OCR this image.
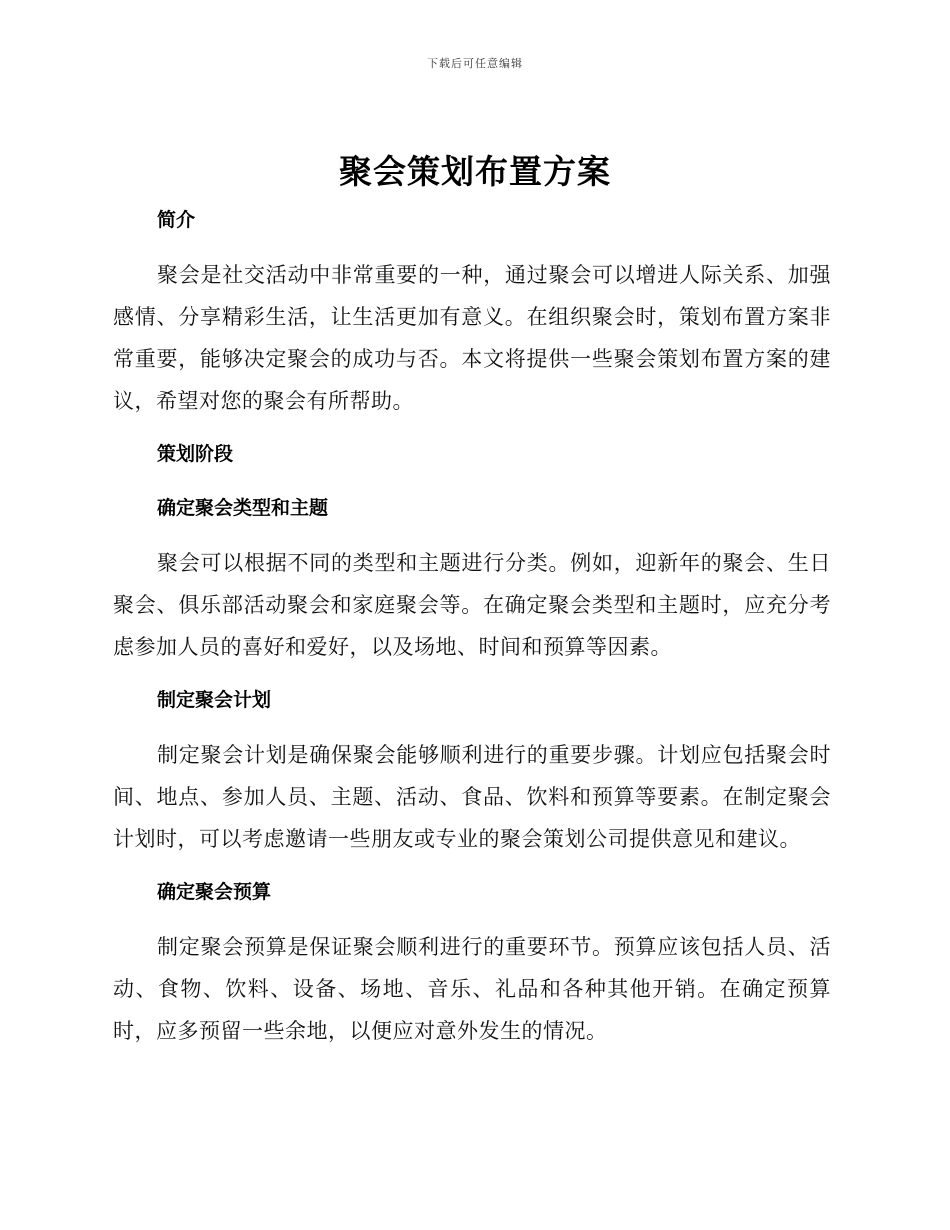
下载后可任意编辑
聚会策划布置方案
简介

聚会是社交活动中非常重要的一种，通过聚会可以增进人际关系、加强感情、分享精彩生活，让生活更加有意义。在组织聚会时，策划布置方案非常重要，能够决定聚会的成功与否。本文将提供一些聚会策划布置方案的建议，希望对您的聚会有所帮助。

策划阶段
确定聚会类型和主题

聚会可以根据不同的类型和主题进行分类。例如，迎新年的聚会、生日聚会、俱乐部活动聚会和家庭聚会等。在确定聚会类型和主题时，应充分考虑参加人员的喜好和爱好，以及场地、时间和预算等因素。

制定聚会计划

制定聚会计划是确保聚会能够顺利进行的重要步骤。计划应包括聚会时间、地点、参加人员、主题、活动、食品、饮料和预算等要素。在制定聚会计划时，可以考虑邀请一些朋友或专业的聚会策划公司提供意见和建议。

确定聚会预算

制定聚会预算是保证聚会顺利进行的重要环节。预算应该包括人员、活动、食物、饮料、设备、场地、音乐、礼品和各种其他开销。在确定预算时，应多预留一些余地，以便应对意外发生的情况。
